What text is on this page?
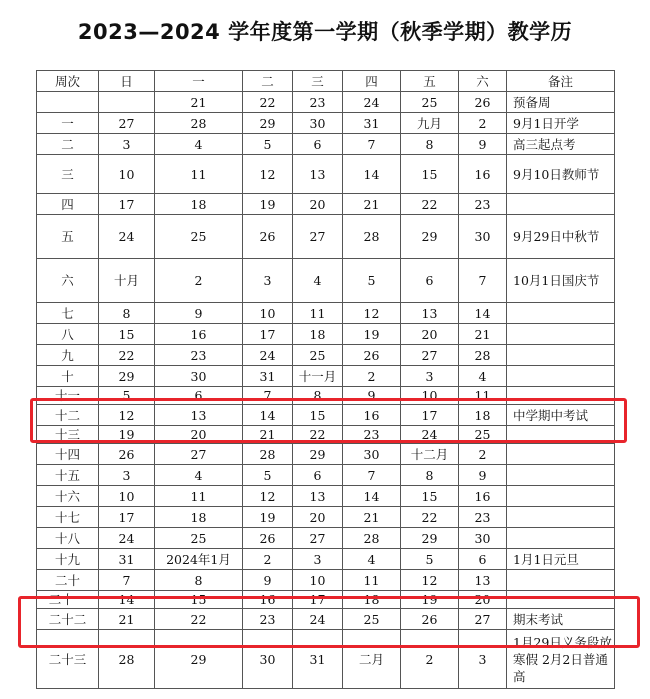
2023—2024 学年度第一学期（秋季学期）教学历
周次	日	一	二	三	四	五	六	备注
		21	22	23	24	25	26	预备周
一	27	28	29	30	31	九月	2	9月1日开学
二	3	4	5	6	7	8	9	高三起点考
三	10	11	12	13	14	15	16	9月10日教师节
四	17	18	19	20	21	22	23	
五	24	25	26	27	28	29	30	9月29日中秋节
六	十月	2	3	4	5	6	7	10月1日国庆节
七	8	9	10	11	12	13	14	
八	15	16	17	18	19	20	21	
九	22	23	24	25	26	27	28	
十	29	30	31	十一月	2	3	4	
十一	5	6	7	8	9	10	11	
十二	12	13	14	15	16	17	18	中学期中考试
十三	19	20	21	22	23	24	25	
十四	26	27	28	29	30	十二月	2	
十五	3	4	5	6	7	8	9	
十六	10	11	12	13	14	15	16	
十七	17	18	19	20	21	22	23	
十八	24	25	26	27	28	29	30	
十九	31	2024年1月	2	3	4	5	6	1月1日元旦
二十	7	8	9	10	11	12	13	
二十一	14	15	16	17	18	19	20	
二十二	21	22	23	24	25	26	27	期末考试
二十三	28	29	30	31	二月	2	3	1月29日义务段放寒假 2月2日普通高
